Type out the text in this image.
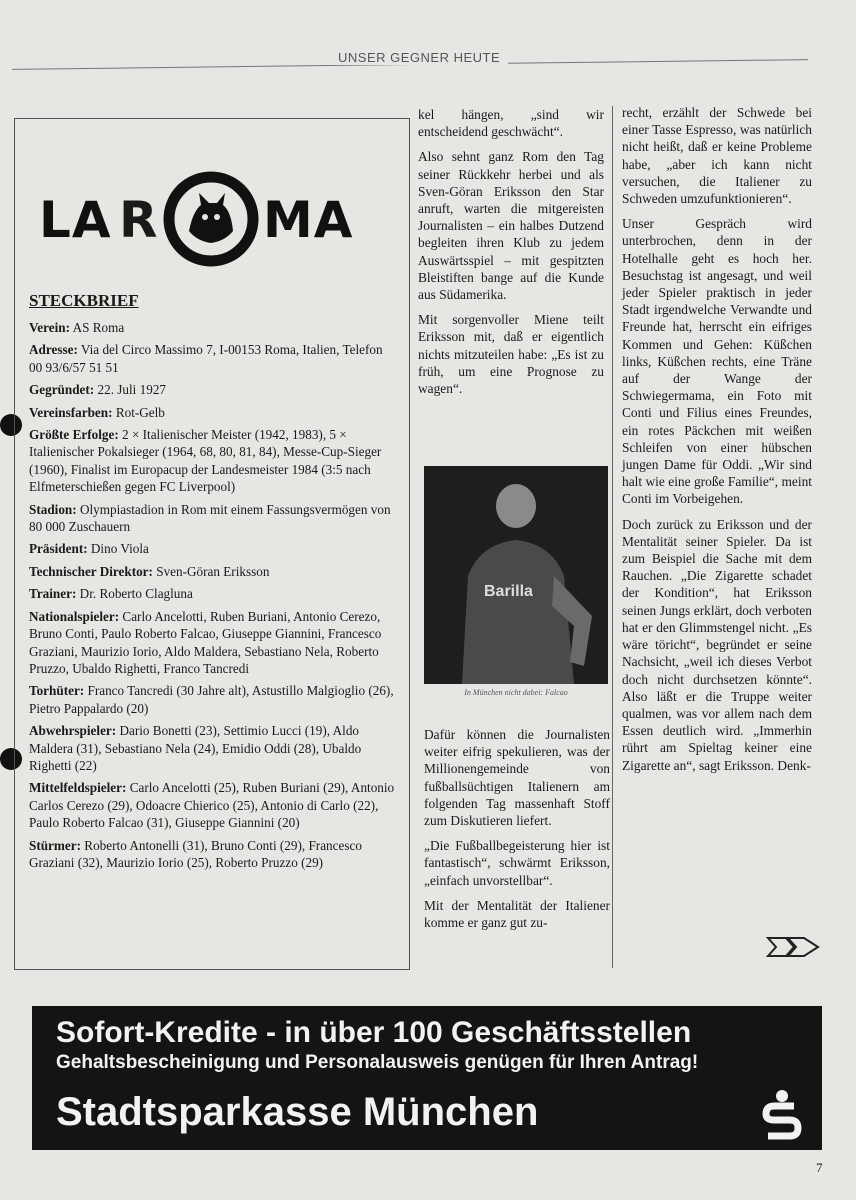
UNSER GEGNER HEUTE
LA R MA
STECKBRIEF
Verein: AS Roma
Adresse: Via del Circo Massimo 7, I-00153 Roma, Italien, Telefon 00 93/6/57 51 51
Gegründet: 22. Juli 1927
Vereinsfarben: Rot-Gelb
Größte Erfolge: 2 × Italienischer Meister (1942, 1983), 5 × Italienischer Pokalsieger (1964, 68, 80, 81, 84), Messe-Cup-Sieger (1960), Finalist im Europacup der Landesmeister 1984 (3:5 nach Elfmeterschießen gegen FC Liverpool)
Stadion: Olympiastadion in Rom mit einem Fassungsvermögen von 80 000 Zuschauern
Präsident: Dino Viola
Technischer Direktor: Sven-Göran Eriksson
Trainer: Dr. Roberto Clagluna
Nationalspieler: Carlo Ancelotti, Ruben Buriani, Antonio Cerezo, Bruno Conti, Paulo Roberto Falcao, Giuseppe Giannini, Francesco Graziani, Maurizio Iorio, Aldo Maldera, Sebastiano Nela, Roberto Pruzzo, Ubaldo Righetti, Franco Tancredi
Torhüter: Franco Tancredi (30 Jahre alt), Astustillo Malgioglio (26), Pietro Pappalardo (20)
Abwehrspieler: Dario Bonetti (23), Settimio Lucci (19), Aldo Maldera (31), Sebastiano Nela (24), Emidio Oddi (28), Ubaldo Righetti (22)
Mittelfeldspieler: Carlo Ancelotti (25), Ruben Buriani (29), Antonio Carlos Cerezo (29), Odoacre Chierico (25), Antonio di Carlo (22), Paulo Roberto Falcao (31), Giuseppe Giannini (20)
Stürmer: Roberto Antonelli (31), Bruno Conti (29), Francesco Graziani (32), Maurizio Iorio (25), Roberto Pruzzo (29)

kel hängen, „sind wir entscheidend geschwächt“.

Also sehnt ganz Rom den Tag seiner Rückkehr herbei und als Sven-Göran Eriksson den Star anruft, warten die mitgereisten Journalisten – ein halbes Dutzend begleiten ihren Klub zu jedem Auswärtsspiel – mit gespitzten Bleistiften bange auf die Kunde aus Südamerika.

Mit sorgenvoller Miene teilt Eriksson mit, daß er eigentlich nichts mitzuteilen habe: „Es ist zu früh, um eine Prognose zu wagen“.

Barilla
In München nicht dabei: Falcao

Dafür können die Journalisten weiter eifrig spekulieren, was der Millionengemeinde von fußballsüchtigen Italienern am folgenden Tag massenhaft Stoff zum Diskutieren liefert.

„Die Fußballbegeisterung hier ist fantastisch“, schwärmt Eriksson, „einfach unvorstellbar“.

Mit der Mentalität der Italiener komme er ganz gut zu-

recht, erzählt der Schwede bei einer Tasse Espresso, was natürlich nicht heißt, daß er keine Probleme habe, „aber ich kann nicht versuchen, die Italiener zu Schweden umzufunktionieren“.

Unser Gespräch wird unterbrochen, denn in der Hotelhalle geht es hoch her. Besuchstag ist angesagt, und weil jeder Spieler praktisch in jeder Stadt irgendwelche Verwandte und Freunde hat, herrscht ein eifriges Kommen und Gehen: Küßchen links, Küßchen rechts, eine Träne auf der Wange der Schwiegermama, ein Foto mit Conti und Filius eines Freundes, ein rotes Päckchen mit weißen Schleifen von einer hübschen jungen Dame für Oddi. „Wir sind halt wie eine große Familie“, meint Conti im Vorbeigehen.

Doch zurück zu Eriksson und der Mentalität seiner Spieler. Da ist zum Beispiel die Sache mit dem Rauchen. „Die Zigarette schadet der Kondition“, hat Eriksson seinen Jungs erklärt, doch verboten hat er den Glimmstengel nicht. „Es wäre töricht“, begründet er seine Nachsicht, „weil ich dieses Verbot doch nicht durchsetzen könnte“. Also läßt er die Truppe weiter qualmen, was vor allem nach dem Essen deutlich wird. „Immerhin rührt am Spieltag keiner eine Zigarette an“, sagt Eriksson. Denk-

Sofort-Kredite - in über 100 Geschäftsstellen
Gehaltsbescheinigung und Personalausweis genügen für Ihren Antrag!
Stadtsparkasse München
7
